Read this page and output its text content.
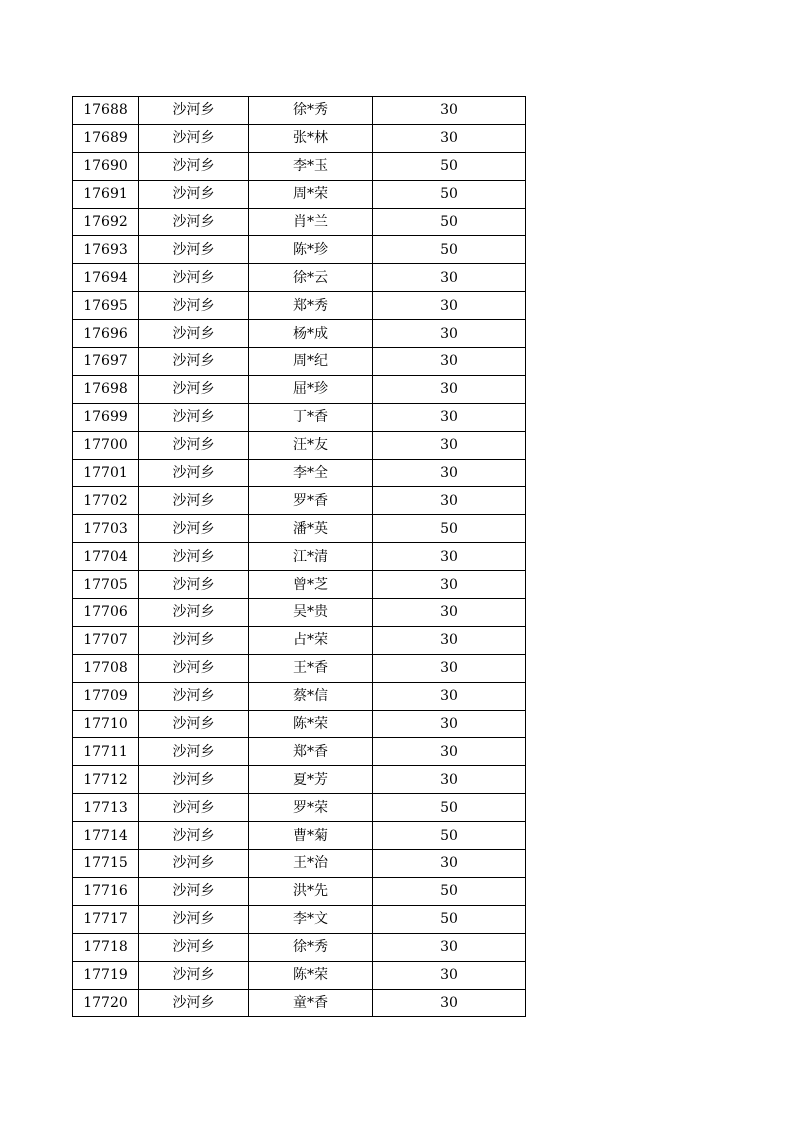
17688	沙河乡	徐*秀	30
17689	沙河乡	张*林	30
17690	沙河乡	李*玉	50
17691	沙河乡	周*荣	50
17692	沙河乡	肖*兰	50
17693	沙河乡	陈*珍	50
17694	沙河乡	徐*云	30
17695	沙河乡	郑*秀	30
17696	沙河乡	杨*成	30
17697	沙河乡	周*纪	30
17698	沙河乡	屈*珍	30
17699	沙河乡	丁*香	30
17700	沙河乡	汪*友	30
17701	沙河乡	李*全	30
17702	沙河乡	罗*香	30
17703	沙河乡	潘*英	50
17704	沙河乡	江*清	30
17705	沙河乡	曾*芝	30
17706	沙河乡	吴*贵	30
17707	沙河乡	占*荣	30
17708	沙河乡	王*香	30
17709	沙河乡	蔡*信	30
17710	沙河乡	陈*荣	30
17711	沙河乡	郑*香	30
17712	沙河乡	夏*芳	30
17713	沙河乡	罗*荣	50
17714	沙河乡	曹*菊	50
17715	沙河乡	王*治	30
17716	沙河乡	洪*先	50
17717	沙河乡	李*文	50
17718	沙河乡	徐*秀	30
17719	沙河乡	陈*荣	30
17720	沙河乡	童*香	30
